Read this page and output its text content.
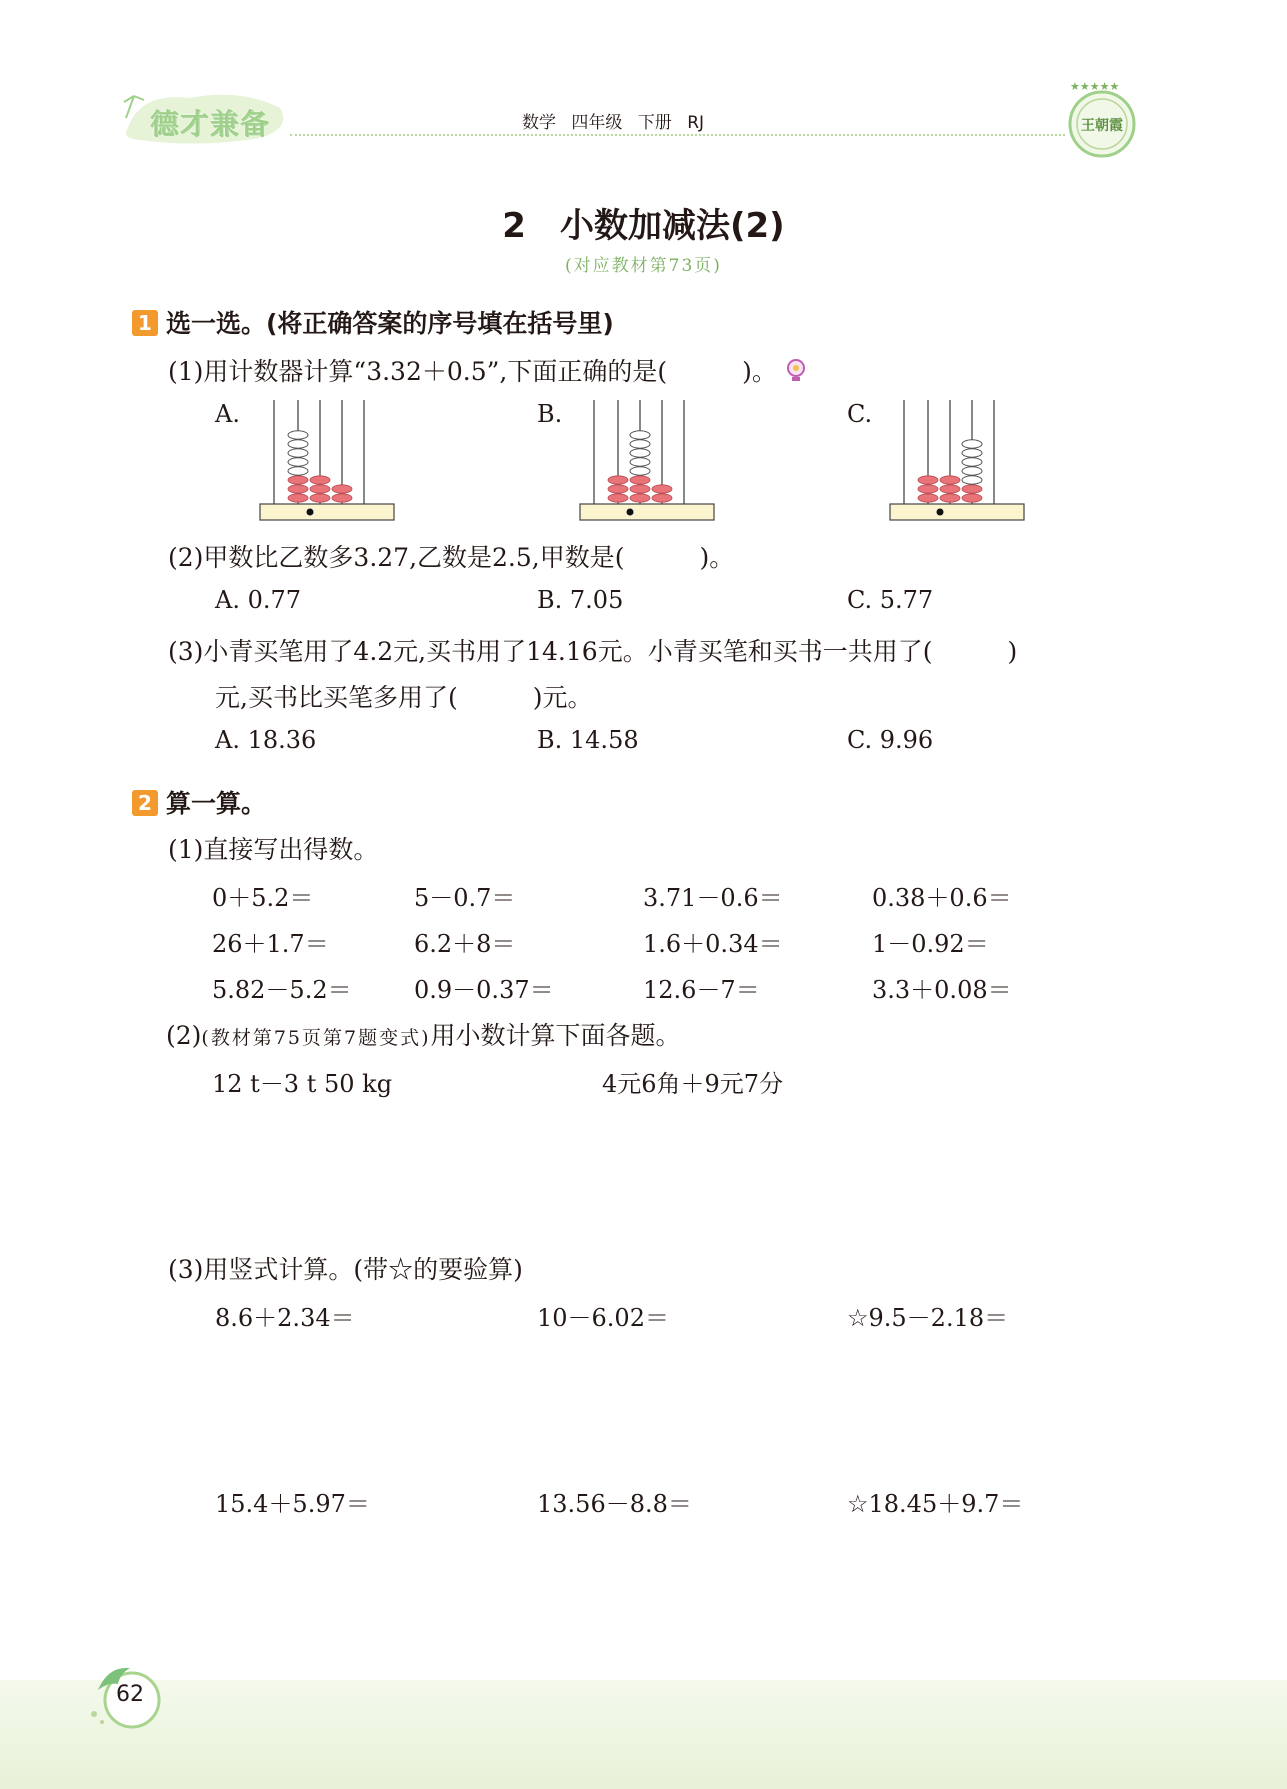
德才兼备	数学 四年级 下册 RJ
★★★★★
王朝霞
2　小数加减法(2)
(对应教材第73页)
1 选一选。(将正确答案的序号填在括号里)
(1)用计数器计算“3.32＋0.5”,下面正确的是(　　　)。
A.	B.	C.
(2)甲数比乙数多3.27,乙数是2.5,甲数是(　　　)。
A. 0.77	B. 7.05	C. 5.77
(3)小青买笔用了4.2元,买书用了14.16元。小青买笔和买书一共用了(　　　)
元,买书比买笔多用了(　　　)元。
A. 18.36	B. 14.58	C. 9.96
2 算一算。
(1)直接写出得数。
0＋5.2＝	5－0.7＝	3.71－0.6＝	0.38＋0.6＝
26＋1.7＝	6.2＋8＝	1.6＋0.34＝	1－0.92＝
5.82－5.2＝	0.9－0.37＝	12.6－7＝	3.3＋0.08＝
(2)(教材第75页第7题变式)用小数计算下面各题。
12 t－3 t 50 kg	4元6角＋9元7分
(3)用竖式计算。(带☆的要验算)
8.6＋2.34＝	10－6.02＝	☆9.5－2.18＝
15.4＋5.97＝	13.56－8.8＝	☆18.45＋9.7＝
62
